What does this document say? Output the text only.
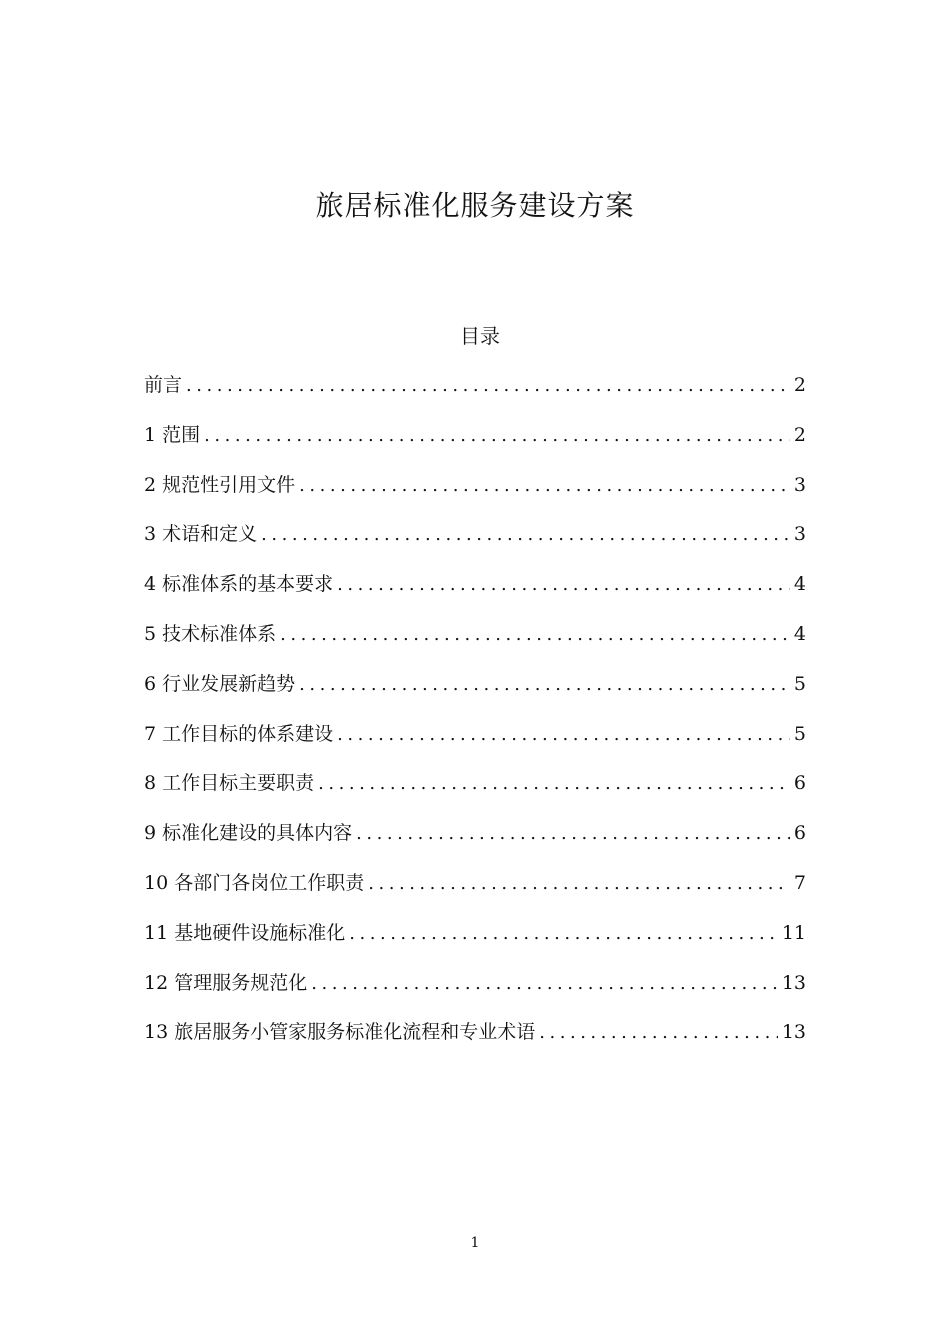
旅居标准化服务建设方案
目录
前言 . . .	2
1 范围 . . .	2
2 规范性引用文件 . . .	3
3 术语和定义 . . .	3
4 标准体系的基本要求 . . .	4
5 技术标准体系 . . .	4
6 行业发展新趋势 . . .	5
7 工作目标的体系建设 . . .	5
8 工作目标主要职责 . . .	6
9 标准化建设的具体内容 . . .	6
10 各部门各岗位工作职责 . . .	7
11 基地硬件设施标准化 . . .	11
12 管理服务规范化 . . .	13
13 旅居服务小管家服务标准化流程和专业术语 . . .	13
1
